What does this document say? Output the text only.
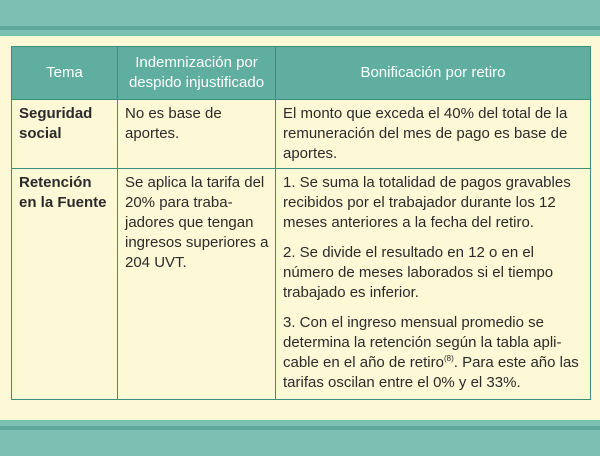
Tema	Indemnización por despido injustificado	Bonificación por retiro
Seguridad social	No es base de aportes.	El monto que exceda el 40% del total de la remuneración del mes de pago es base de aportes.
Retención en la Fuente	Se aplica la tarifa del 20% para trabajadores que tengan ingresos superiores a 204 UVT.	1. Se suma la totalidad de pagos gravables recibidos por el trabajador durante los 12 meses anteriores a la fecha del retiro.
2. Se divide el resultado en 12 o en el número de meses laborados si el tiempo trabajado es inferior.
3. Con el ingreso mensual promedio se determina la retención según la tabla aplicable en el año de retiro$^{(8)}$. Para este año las tarifas oscilan entre el 0% y el 33%.
